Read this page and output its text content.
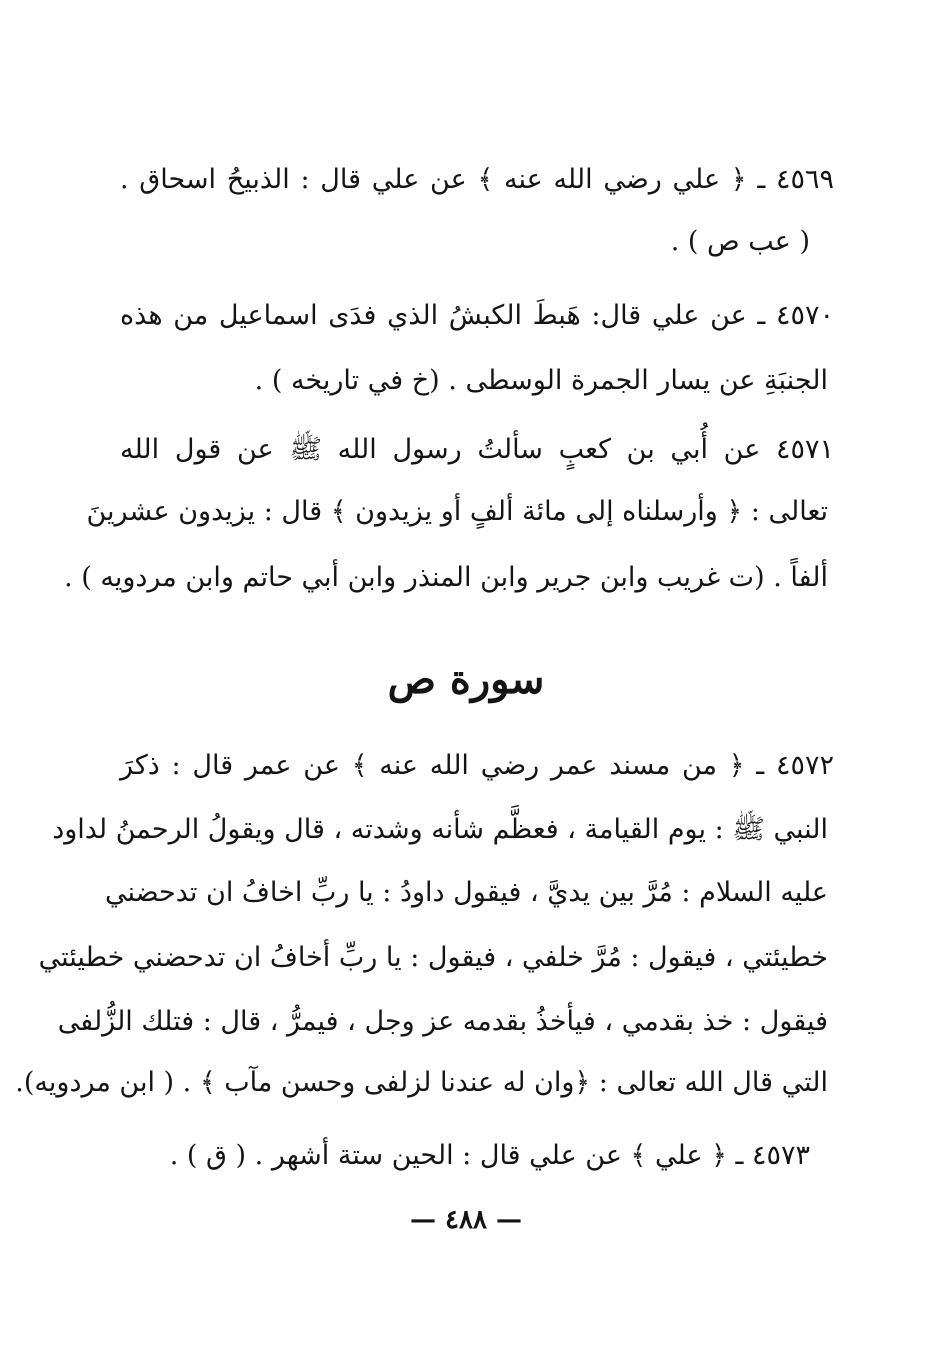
٤٥٦٩ ـ ﴿ علي رضي الله عنه ﴾ عن علي قال : الذبيحُ اسحاق .
( عب ص ) .
٤٥٧٠ ـ عن علي قال: هَبطَ الكبشُ الذي فدَى اسماعيل من هذه
الجنبَةِ عن يسار الجمرة الوسطى . (خ في تاريخه ) .
٤٥٧١ عن أُبي بن كعبٍ سألتُ رسول الله ﷺ عن قول الله
تعالى : ﴿ وأرسلناه إلى مائة ألفٍ أو يزيدون ﴾ قال : يزيدون عشرينَ
ألفاً . (ت غريب وابن جرير وابن المنذر وابن أبي حاتم وابن مردويه ) .
سورة ص
٤٥٧٢ ـ ﴿ من مسند عمر رضي الله عنه ﴾ عن عمر قال : ذكرَ
النبي ﷺ : يوم القيامة ، فعظَّم شأنه وشدته ، قال ويقولُ الرحمنُ لداود
عليه السلام : مُرَّ بين يديَّ ، فيقول داودُ : يا ربِّ اخافُ ان تدحضني
خطيئتي ، فيقول : مُرَّ خلفي ، فيقول : يا ربِّ أخافُ ان تدحضني خطيئتي
فيقول : خذ بقدمي ، فيأخذُ بقدمه عز وجل ، فيمرُّ ، قال : فتلك الزُّلفى
التي قال الله تعالى : ﴿وان له عندنا لزلفى وحسن مآب ﴾ . ( ابن مردويه).
٤٥٧٣ ـ ﴿ علي ﴾ عن علي قال : الحين ستة أشهر . ( ق ) .
— ٤٨٨ —
